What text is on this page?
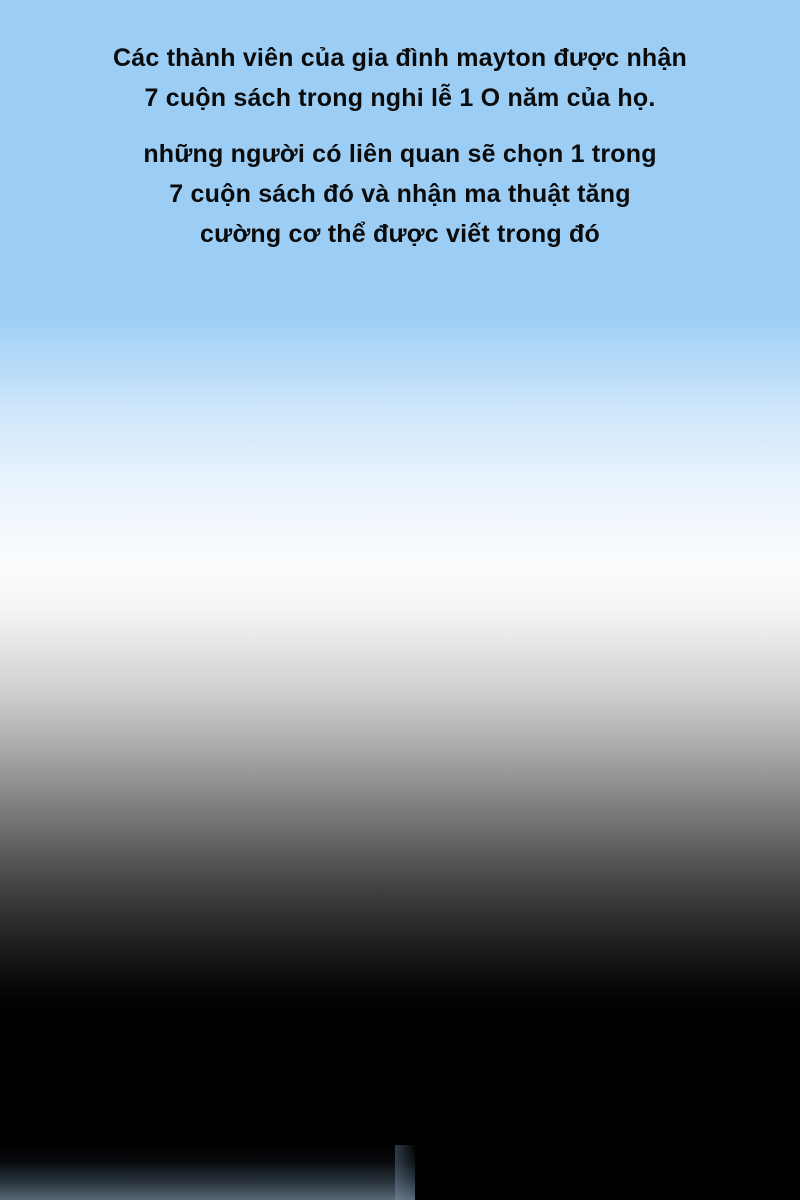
Các thành viên của gia đình mayton được nhận
7 cuộn sách trong nghi lễ 1 O năm của họ.
những người có liên quan sẽ chọn 1 trong
7 cuộn sách đó và nhận ma thuật tăng
cường cơ thể được viết trong đó
